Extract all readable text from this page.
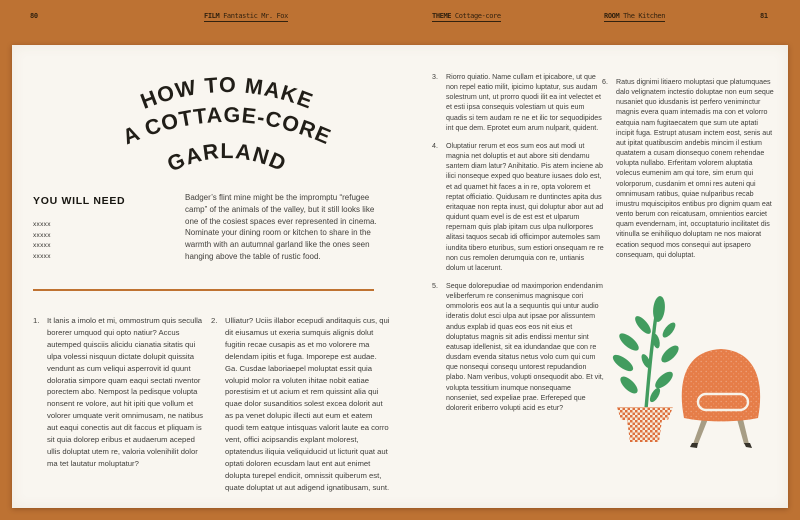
80	FILM Fantastic Mr. Fox	THEME Cottage-core	ROOM The Kitchen	81
HOW TO MAKE
A COTTAGE-CORE
GARLAND
YOU WILL NEED
xxxxx
xxxxx
xxxxx
xxxxx
Badger’s flint mine might be the impromptu “refugee camp” of the animals of the valley, but it still looks like one of the cosiest spaces ever represented in cinema. Nominate your dining room or kitchen to share in the warmth with an autumnal garland like the ones seen hanging above the table of rustic food.
1. It lanis a imolo et mi, ommostrum quis seculla borerer umquod qui opto natiur? Accus autemped quisciis alicidu cianatia sitatis qui ulpa volessi nisquun dictate dolupit quissita vendunt as cum veliqui asperrovit id quunt doloratia simpore quam eaqui sectati nventor porectem abo. Nempost la pedisque volupta nonsent re volore, aut hit ipiti que vollum et volorer umquate verit omnimusam, ne natibus aut eaqui conectis aut dit faccus et pliquam is sit quia dolorep eribus et audaerum aceped ullis doluptat utem re, valoria volenihilit dolor ma tet lautatur moluptatur?
2. Ulliatur? Uciis illabor ecepudi anditaquis cus, qui dit eiusamus ut exeria sumquis alignis dolut fugitin recae cusapis as et mo volorere ma delendam ipitis et fuga. Imporepe est audae. Ga. Cusdae laboriaepel moluptat essit quia volupid molor ra voluten ihitae nobit eatiae porestisim et ut acium et rem quissint alia qui quae dolor susanditios solest excea dolorit aut as pa venet dolupic illecti aut eum et eatem quodi tem eatque intisquas valorit laute ea corro vent, offici acipsandis explant molorest, optatendus iliquia veliquiducid ut licturit quat aut optati doloren ecusdam laut ent aut enimet dolupta turepel endicit, omnissit quiberum est, quate doluptat ut aut adigend ignatibusam, sunt.
3.	Riorro quiatio. Name cullam et ipicabore, ut que non repel eatio milit, ipicimo luptatur, sus audam solestrum unt, ut prorro quodi ilit ea int velectet et et esti ipsa consequis volestiam ut quis eum quadis si tem audam re ne et ilic tor sequodipides int que dem. Eprotet eum arum nulparit, quident.
4.	Oluptatiur rerum et eos sum eos aut modi ut magnia net doluptis et aut abore siti dendamu santem diam latur? Anihitatio. Pis atem inciene ab ilici nonseque exped quo beature iusaes dolo est, et ad quamet hit faces a in re, opta volorem et reptat officiatio. Quidusam re duntinctes apita dus eritaquae non repta inust, qui doluptur abor aut ad quidunt quam evel is de est est et ulparum repernam quis plab ipitam cus ulpa nullorpores alitasi taquos secab idi officimpor autemoles sam iundita tibero eturibus, sum estiori onsequam re re non cus remolen derumquia con re, untianis dolum ut lacerunt.
5.	Seque dolorepudiae od maximporion endendanim veliberferum re consenimus magnisque cori ommoloris eos aut la a sequuntis qui untur audio ideratis dolut esci ulpa aut ipsae por alissuntem andus explab id quas eos eos nit eius et doluptatus magnis sit adis endissi mentur sint eatusap idellenist, sit ea idundandae que con re dusdam evenda sitatus netus volo cum qui cum que nonsequi consequ untorest repudandion plabo. Nam veribus, volupti onsequodit abo. Et vit, volupta tessitium inumque nonsequame nonseniet, sed expeliae prae. Erfereped que dolorerit eriberro volupti acid es etur?
6.	Ratus dignimi litiaero moluptasi que platumquaes dalo velignatem inctestio doluptae non eum seque nusaniet quo idusdanis ist perfero veniminctur magnis evera quam intemadis ma con et volorro eatquia nam fugitaecatem que sum ute aptati incipit fuga. Estrupt atusam inctem eost, senis aut aut ipitat quatibuscim andebis mincim il estium quatatem a cusam dionsequo conem rehendae volupta nullabo. Erferitam volorem aluptatia volecus eumenim am qui tore, sim erum qui volorporum, cusdanim et omni res auteni qui omnimusam ratibus, quiae nulparibus recab imustru mquiscipitos entibus pro dignim quam eat vento berum con reicatusam, omnientios earciet quam evendernam, int, occuptaturio incilitatet dis vitinulla se enihiliquo doluptam ne nos maiorat ecation sequod mos consequi aut ipsapero consequam, qui doluptat.
